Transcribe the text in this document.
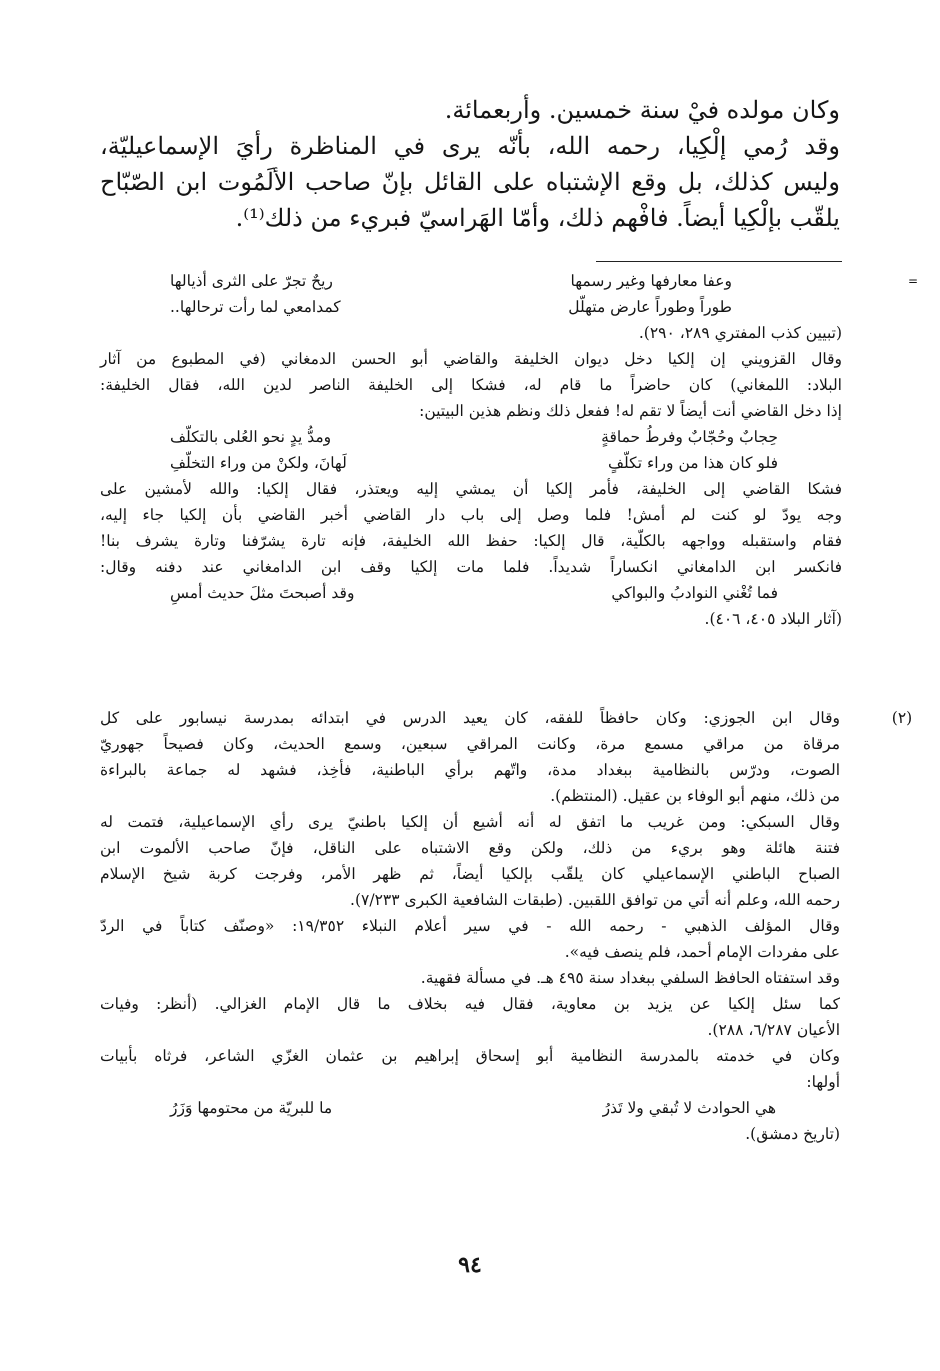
وكان مولده فيْ سنة خمسين. وأربعمائة.
وقد رُمي إلْكِيا، رحمه الله، بأنّه يرى في المناظرة رأيَ الإسماعيليّة،
وليس كذلك، بل وقع الإشتباه على القائل بإنّ صاحب الألَمُوت ابن الصّبّاح
يلقّب بإلْكِيا أيضاً. فافْهم ذلك، وأمّا الهَراسيّ فبريء من ذلك⁽¹⁾.
=
وعفا معارفها وغير رسمها
ريحٌ تجرّ على الثرى أذيالها
طوراً وطوراً عارض متهلّل
كمدامعي لما رأت ترحالها..
(تبيين كذب المفتري ٢٨٩، ٢٩٠).
وقال القزويني إن إلكيا دخل ديوان الخليفة والقاضي أبو الحسن الدمغاني (في المطبوع من آثار
البلاد: اللمغاني) كان حاضراً ما قام له، فشكا إلى الخليفة الناصر لدين الله، فقال الخليفة:
إذا دخل القاضي أنت أيضاً لا تقم له! ففعل ذلك ونظم هذين البيتين:
حِجابٌ وحُجّابٌ وفرطُ حماقةٍ
ومدُّ يدٍ نحو العُلى بالتكلّف
فلو كان هذا من وراء تكلّفٍ
لَهانَ، ولكنْ من وراء التخلّفِ
فشكا القاضي إلى الخليفة، فأمر إلكيا أن يمشي إليه ويعتذر، فقال إلكيا: والله لأمشين على
وجه يودّ لو كنت لم أمش! فلما وصل إلى باب دار القاضي أخبر القاضي بأن إلكيا جاء إليه،
فقام واستقبله وواجهه بالكلّية، قال إلكيا: حفظ الله الخليفة، فإنه تارة يشرّفنا وتارة يشرف بنا!
فانكسر ابن الدامغاني انكساراً شديداً. فلما مات إلكيا وقف ابن الدامغاني عند دفنه وقال:
فما تُغْني النوادبُ والبواكي
وقد أصبحتَ مثلَ حديث أمسِ
(آثار البلاد ٤٠٥، ٤٠٦).
(٢)
وقال ابن الجوزي: وكان حافظاً للفقه، كان يعيد الدرس في ابتدائه بمدرسة نيسابور على كل
مرقاة من مراقي مسمع مرة، وكانت المراقي سبعين، وسمع الحديث، وكان فصيحاً جهوريّ
الصوت، ودرّس بالنظامية ببغداد مدة، واتّهم برأي الباطنية، فأخِذ، فشهد له جماعة بالبراءة
من ذلك، منهم أبو الوفاء بن عقيل. (المنتظم).
وقال السبكي: ومن غريب ما اتفق له أنه أشيع أن إلكيا باطنيّ يرى رأي الإسماعيلية، فتمت له
فتنة هائلة وهو بريء من ذلك، ولكن وقع الاشتباه على الناقل، فإنّ صاحب الألموت ابن
الصباح الباطني الإسماعيلي كان يلقّب بإلكيا أيضاً، ثم ظهر الأمر، وفرجت كربة شيخ الإسلام
رحمه الله، وعلم أنه أتي من توافق اللقبين. (طبقات الشافعية الكبرى ٧/٢٣٣).
وقال المؤلف الذهبي - رحمه الله - في سير أعلام النبلاء ١٩/٣٥٢: «وصنّف كتاباً في الردّ
على مفردات الإمام أحمد، فلم ينصف فيه».
وقد استفتاه الحافظ السلفي ببغداد سنة ٤٩٥ هـ. في مسألة فقهية.
كما سئل إلكيا عن يزيد بن معاوية، فقال فيه بخلاف ما قال الإمام الغزالي. (أنظر: وفيات
الأعيان ٦/٢٨٧، ٢٨٨).
وكان في خدمته بالمدرسة النظامية أبو إسحاق إبراهيم بن عثمان الغزّي الشاعر، فرثاه بأبيات
أولها:
هي الحوادث لا تُبقي ولا تَذرُ
ما للبريّة من محتومها وَزَرُ
(تاريخ دمشق).
٩٤
